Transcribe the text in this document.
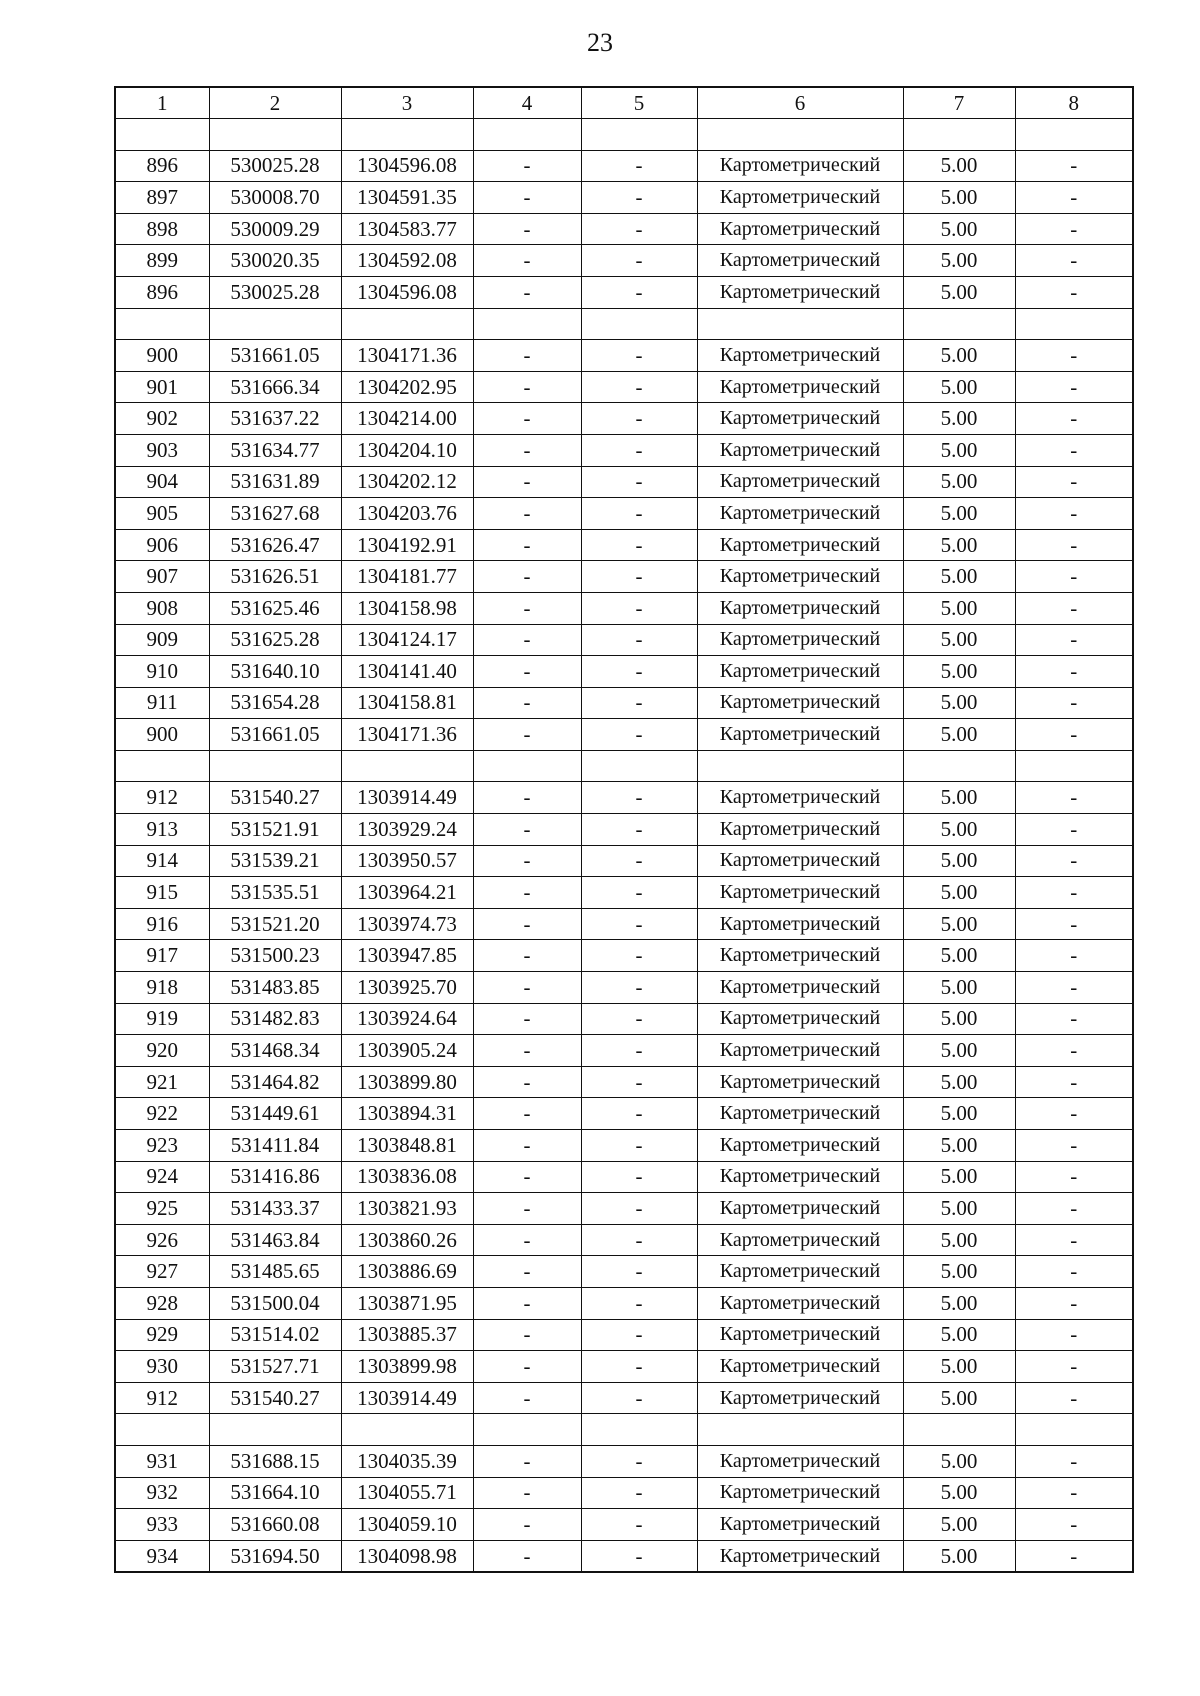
23
1	2	3	4	5	6	7	8

896	530025.28	1304596.08	-	-	Картометрический	5.00	-
897	530008.70	1304591.35	-	-	Картометрический	5.00	-
898	530009.29	1304583.77	-	-	Картометрический	5.00	-
899	530020.35	1304592.08	-	-	Картометрический	5.00	-
896	530025.28	1304596.08	-	-	Картометрический	5.00	-

900	531661.05	1304171.36	-	-	Картометрический	5.00	-
901	531666.34	1304202.95	-	-	Картометрический	5.00	-
902	531637.22	1304214.00	-	-	Картометрический	5.00	-
903	531634.77	1304204.10	-	-	Картометрический	5.00	-
904	531631.89	1304202.12	-	-	Картометрический	5.00	-
905	531627.68	1304203.76	-	-	Картометрический	5.00	-
906	531626.47	1304192.91	-	-	Картометрический	5.00	-
907	531626.51	1304181.77	-	-	Картометрический	5.00	-
908	531625.46	1304158.98	-	-	Картометрический	5.00	-
909	531625.28	1304124.17	-	-	Картометрический	5.00	-
910	531640.10	1304141.40	-	-	Картометрический	5.00	-
911	531654.28	1304158.81	-	-	Картометрический	5.00	-
900	531661.05	1304171.36	-	-	Картометрический	5.00	-

912	531540.27	1303914.49	-	-	Картометрический	5.00	-
913	531521.91	1303929.24	-	-	Картометрический	5.00	-
914	531539.21	1303950.57	-	-	Картометрический	5.00	-
915	531535.51	1303964.21	-	-	Картометрический	5.00	-
916	531521.20	1303974.73	-	-	Картометрический	5.00	-
917	531500.23	1303947.85	-	-	Картометрический	5.00	-
918	531483.85	1303925.70	-	-	Картометрический	5.00	-
919	531482.83	1303924.64	-	-	Картометрический	5.00	-
920	531468.34	1303905.24	-	-	Картометрический	5.00	-
921	531464.82	1303899.80	-	-	Картометрический	5.00	-
922	531449.61	1303894.31	-	-	Картометрический	5.00	-
923	531411.84	1303848.81	-	-	Картометрический	5.00	-
924	531416.86	1303836.08	-	-	Картометрический	5.00	-
925	531433.37	1303821.93	-	-	Картометрический	5.00	-
926	531463.84	1303860.26	-	-	Картометрический	5.00	-
927	531485.65	1303886.69	-	-	Картометрический	5.00	-
928	531500.04	1303871.95	-	-	Картометрический	5.00	-
929	531514.02	1303885.37	-	-	Картометрический	5.00	-
930	531527.71	1303899.98	-	-	Картометрический	5.00	-
912	531540.27	1303914.49	-	-	Картометрический	5.00	-

931	531688.15	1304035.39	-	-	Картометрический	5.00	-
932	531664.10	1304055.71	-	-	Картометрический	5.00	-
933	531660.08	1304059.10	-	-	Картометрический	5.00	-
934	531694.50	1304098.98	-	-	Картометрический	5.00	-
